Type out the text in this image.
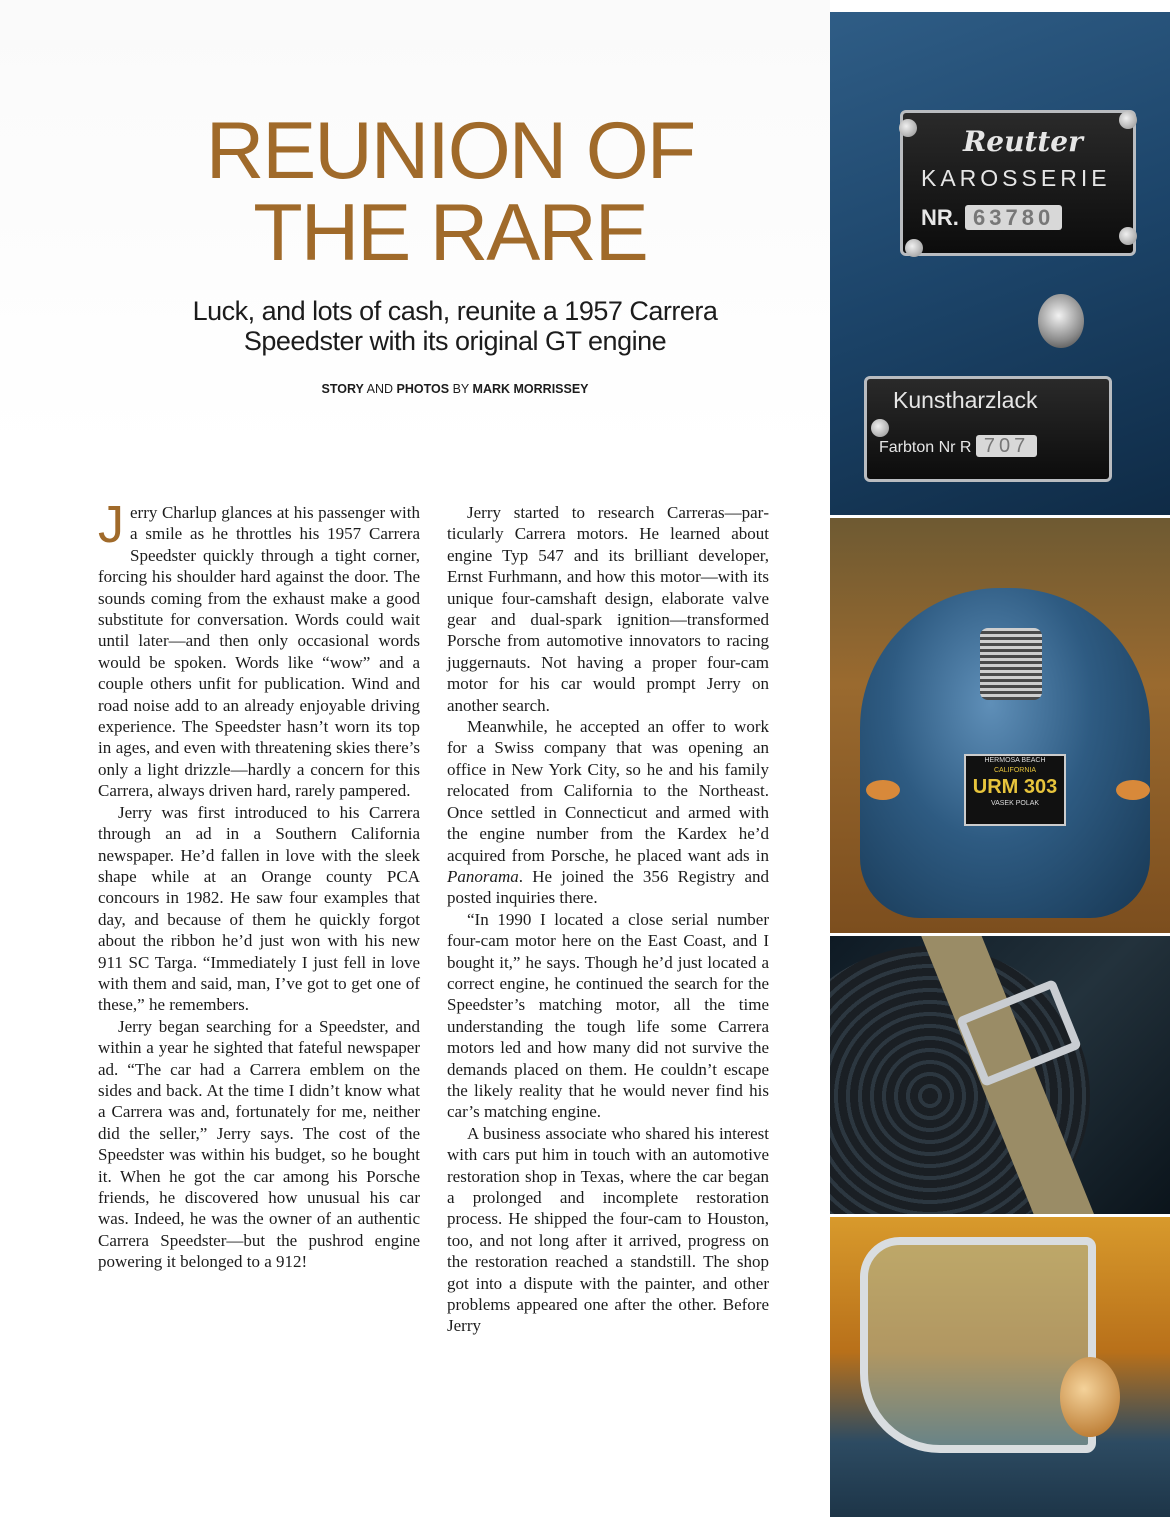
REUNION OF
THE RARE
Luck, and lots of cash, reunite a 1957 Carrera
Speedster with its original GT engine
STORY AND PHOTOS BY MARK MORRISSEY

Jerry Charlup glances at his passenger with a smile as he throttles his 1957 Carrera Speedster quickly through a tight corner, forcing his shoulder hard against the door. The sounds coming from the exhaust make a good substitute for conversation. Words could wait until later—and then only occasional words would be spoken. Words like “wow” and a couple others unfit for publication. Wind and road noise add to an already enjoyable driving experience. The Speedster hasn’t worn its top in ages, and even with threatening skies there’s only a light drizzle—hardly a concern for this Carrera, always driven hard, rarely pampered.

Jerry was first introduced to his Carrera through an ad in a Southern California newspaper. He’d fallen in love with the sleek shape while at an Orange county PCA concours in 1982. He saw four examples that day, and because of them he quickly forgot about the ribbon he’d just won with his new 911 SC Targa. “Immediately I just fell in love with them and said, man, I’ve got to get one of these,” he remembers.

Jerry began searching for a Speedster, and within a year he sighted that fateful newspaper ad. “The car had a Carrera emblem on the sides and back. At the time I didn’t know what a Carrera was and, fortunately for me, neither did the seller,” Jerry says. The cost of the Speedster was within his budget, so he bought it. When he got the car among his Porsche friends, he discovered how unusual his car was. Indeed, he was the owner of an authentic Carrera Speedster—but the pushrod engine powering it belonged to a 912!

Jerry started to research Carreras—particularly Carrera motors. He learned about engine Typ 547 and its brilliant developer, Ernst Furhmann, and how this motor—with its unique four-camshaft design, elaborate valve gear and dual-spark ignition—transformed Porsche from automotive innovators to racing juggernauts. Not having a proper four-cam motor for his car would prompt Jerry on another search.

Meanwhile, he accepted an offer to work for a Swiss company that was opening an office in New York City, so he and his family relocated from California to the Northeast. Once settled in Connecticut and armed with the engine number from the Kardex he’d acquired from Porsche, he placed want ads in Panorama. He joined the 356 Registry and posted inquiries there.

“In 1990 I located a close serial number four-cam motor here on the East Coast, and I bought it,” he says. Though he’d just located a correct engine, he continued the search for the Speedster’s matching motor, all the time understanding the tough life some Carrera motors led and how many did not survive the demands placed on them. He couldn’t escape the likely reality that he would never find his car’s matching engine.

A business associate who shared his interest with cars put him in touch with an automotive restoration shop in Texas, where the car began a prolonged and incomplete restoration process. He shipped the four-cam to Houston, too, and not long after it arrived, progress on the restoration reached a standstill. The shop got into a dispute with the painter, and other problems appeared one after the other. Before Jerry

Reutter
KAROSSERIE
NR. 63780
Kunstharzlack
Farbton Nr R 707
HERMOSA BEACH
CALIFORNIA
URM 303
VASEK POLAK
